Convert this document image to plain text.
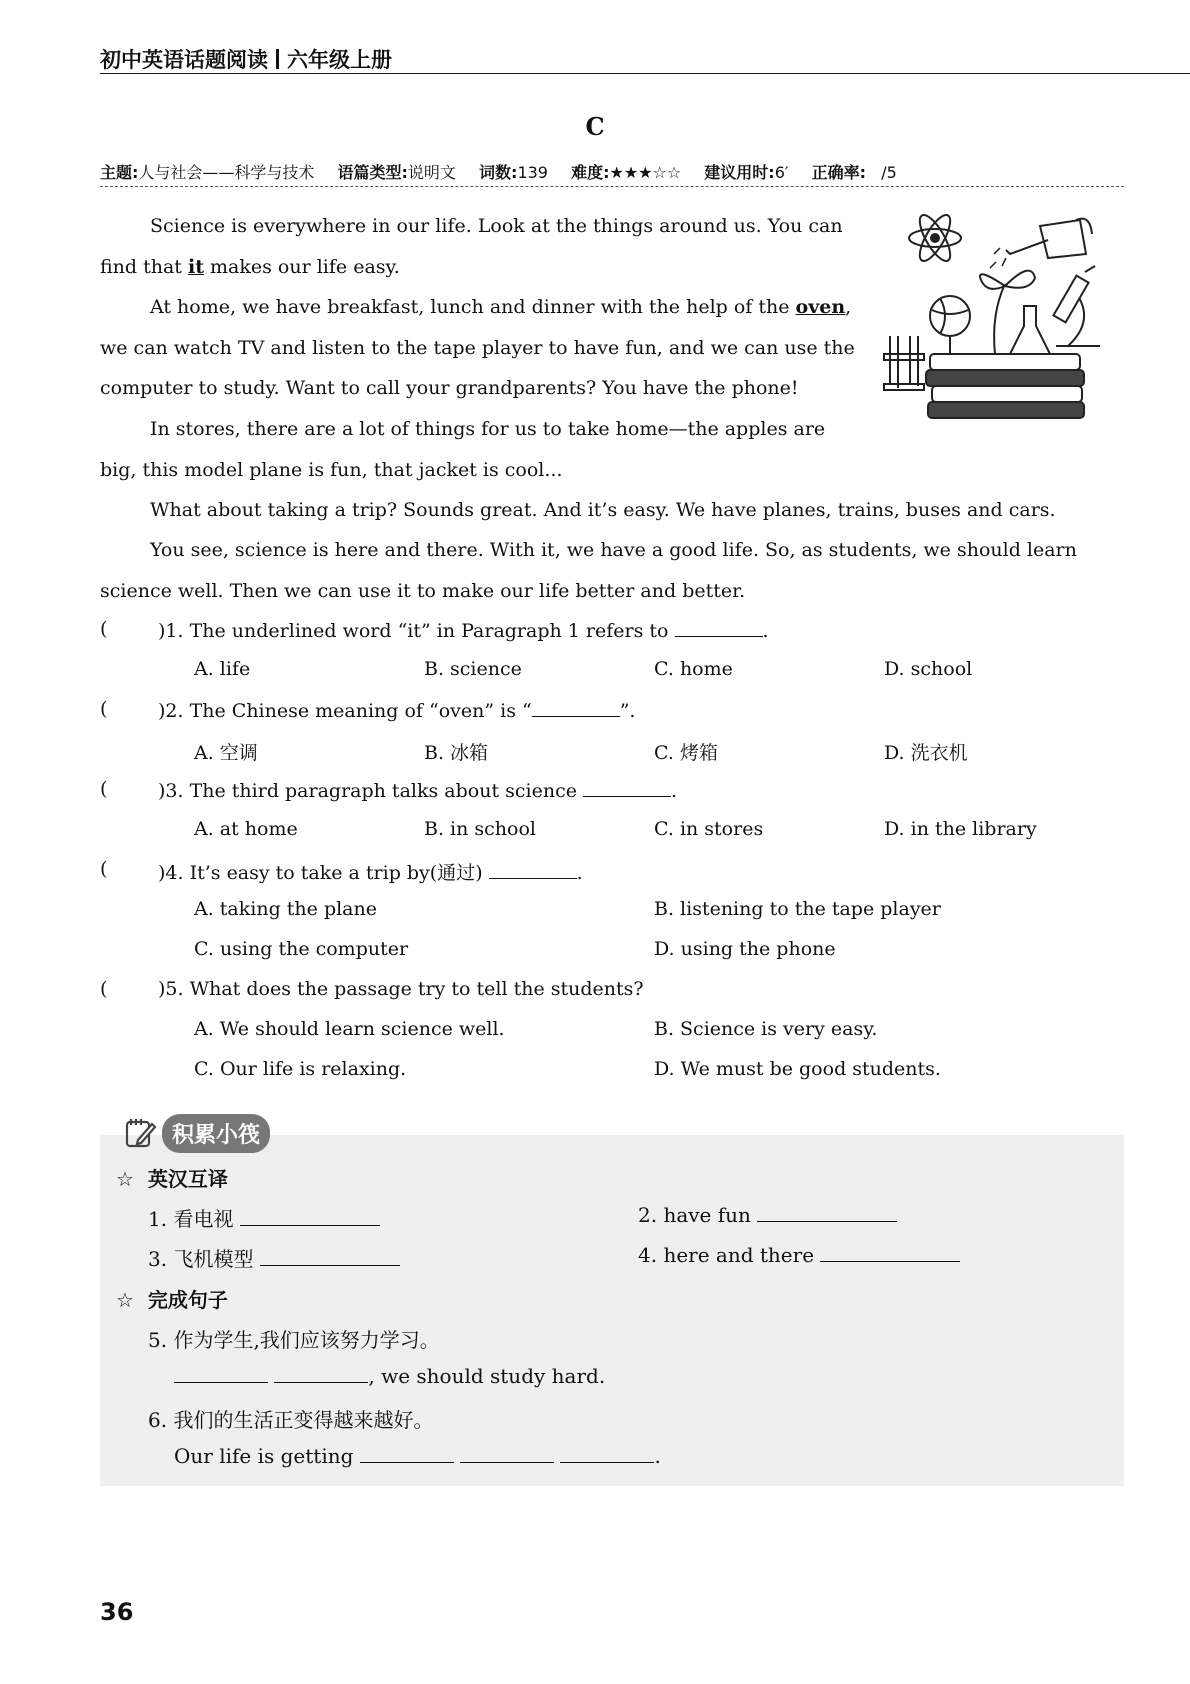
初中英语话题阅读 六年级上册
C
主题:人与社会——科学与技术 语篇类型:说明文 词数:139 难度:★★★☆☆ 建议用时:6′ 正确率: /5
Science is everywhere in our life. Look at the things around us. You can find that it makes our life easy.
At home, we have breakfast, lunch and dinner with the help of the oven, we can watch TV and listen to the tape player to have fun, and we can use the computer to study. Want to call your grandparents? You have the phone!
In stores, there are a lot of things for us to take home—the apples are big, this model plane is fun, that jacket is cool...
What about taking a trip? Sounds great. And it’s easy. We have planes, trains, buses and cars.
You see, science is here and there. With it, we have a good life. So, as students, we should learn science well. Then we can use it to make our life better and better.
(	)1. The underlined word “it” in Paragraph 1 refers to	.
A. life	B. science	C. home	D. school
(	)2. The Chinese meaning of “oven” is “	”.
A. 空调	B. 冰箱	C. 烤箱	D. 洗衣机
(	)3. The third paragraph talks about science	.
A. at home	B. in school	C. in stores	D. in the library
(	)4. It’s easy to take a trip by(通过)	.
A. taking the plane	B. listening to the tape player
C. using the computer	D. using the phone
(	)5. What does the passage try to tell the students?
A. We should learn science well.	B. Science is very easy.
C. Our life is relaxing.	D. We must be good students.
积累小筏
☆ 英汉互译
1. 看电视	2. have fun
3. 飞机模型	4. here and there
☆ 完成句子
5. 作为学生,我们应该努力学习。
, we should study hard.
6. 我们的生活正变得越来越好。
Our life is getting	.
36
